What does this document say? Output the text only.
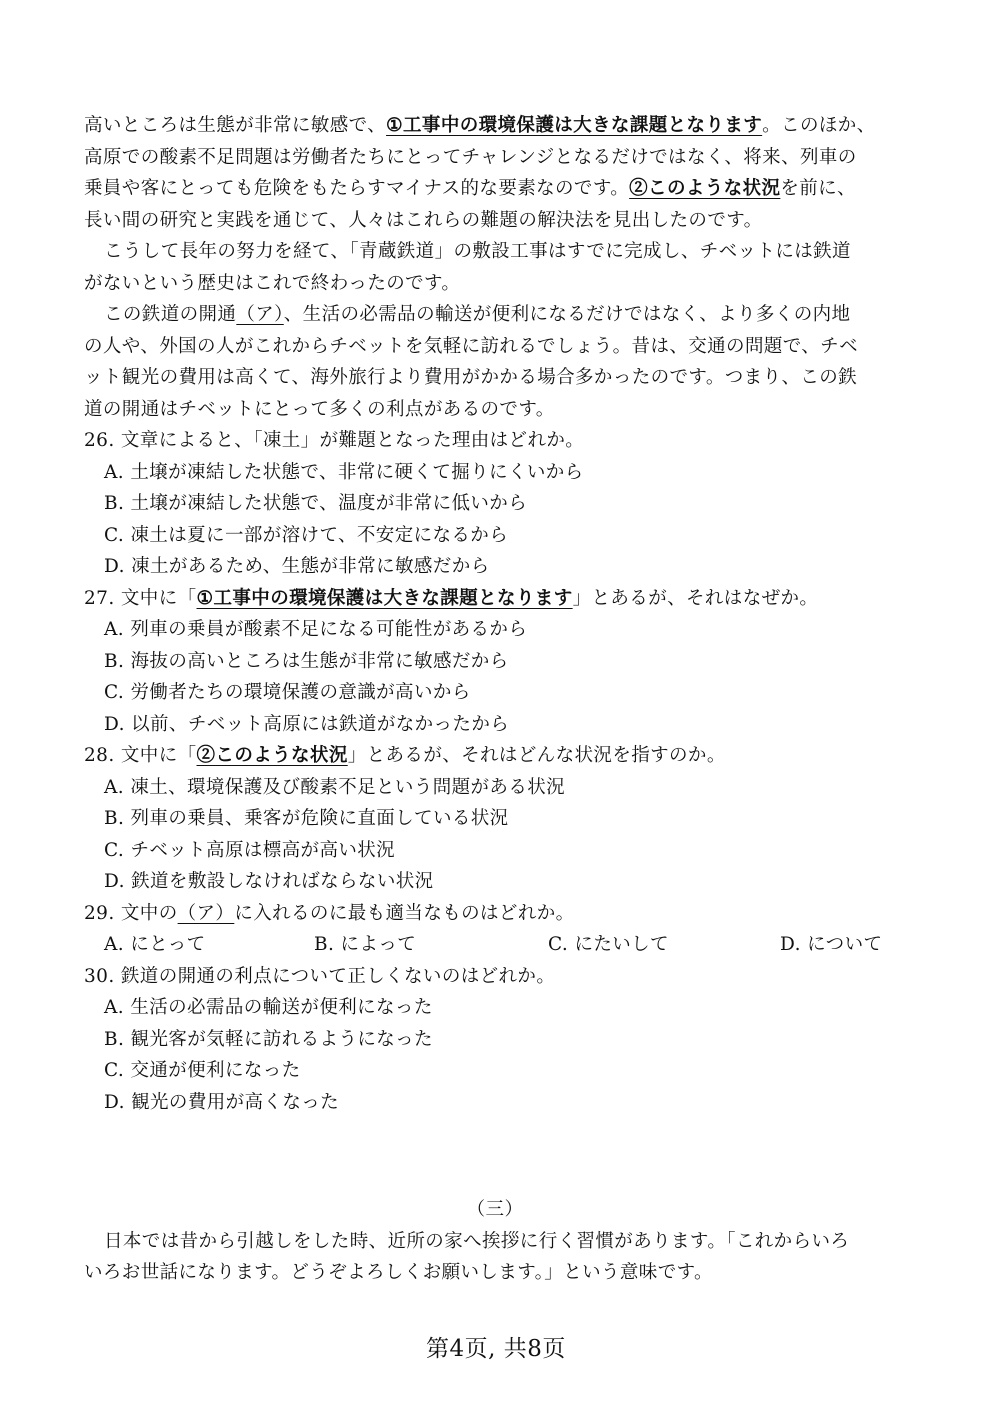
高いところは生態が非常に敏感で、①工事中の環境保護は大きな課題となります。このほか、
高原での酸素不足問題は労働者たちにとってチャレンジとなるだけではなく、将来、列車の
乗員や客にとっても危険をもたらすマイナス的な要素なのです。②このような状況を前に、
長い間の研究と実践を通じて、人々はこれらの難題の解決法を見出したのです。
こうして長年の努力を経て、「青蔵鉄道」の敷設工事はすでに完成し、チベットには鉄道
がないという歴史はこれで終わったのです。
この鉄道の開通（ア）、生活の必需品の輸送が便利になるだけではなく、より多くの内地
の人や、外国の人がこれからチベットを気軽に訪れるでしょう。昔は、交通の問題で、チベ
ット観光の費用は高くて、海外旅行より費用がかかる場合多かったのです。つまり、この鉄
道の開通はチベットにとって多くの利点があるのです。
26. 文章によると、「凍土」が難題となった理由はどれか。
A. 土壌が凍結した状態で、非常に硬くて掘りにくいから
B. 土壌が凍結した状態で、温度が非常に低いから
C. 凍土は夏に一部が溶けて、不安定になるから
D. 凍土があるため、生態が非常に敏感だから
27. 文中に「①工事中の環境保護は大きな課題となります」とあるが、それはなぜか。
A. 列車の乗員が酸素不足になる可能性があるから
B. 海抜の高いところは生態が非常に敏感だから
C. 労働者たちの環境保護の意識が高いから
D. 以前、チベット高原には鉄道がなかったから
28. 文中に「②このような状況」とあるが、それはどんな状況を指すのか。
A. 凍土、環境保護及び酸素不足という問題がある状況
B. 列車の乗員、乗客が危険に直面している状況
C. チベット高原は標高が高い状況
D. 鉄道を敷設しなければならない状況
29. 文中の（ア）に入れるのに最も適当なものはどれか。
A. にとって	B. によって	C. にたいして	D. について
30. 鉄道の開通の利点について正しくないのはどれか。
A. 生活の必需品の輸送が便利になった
B. 観光客が気軽に訪れるようになった
C. 交通が便利になった
D. 観光の費用が高くなった
（三）
日本では昔から引越しをした時、近所の家へ挨拶に行く習慣があります。「これからいろ
いろお世話になります。どうぞよろしくお願いします。」という意味です。
第4页, 共8页
